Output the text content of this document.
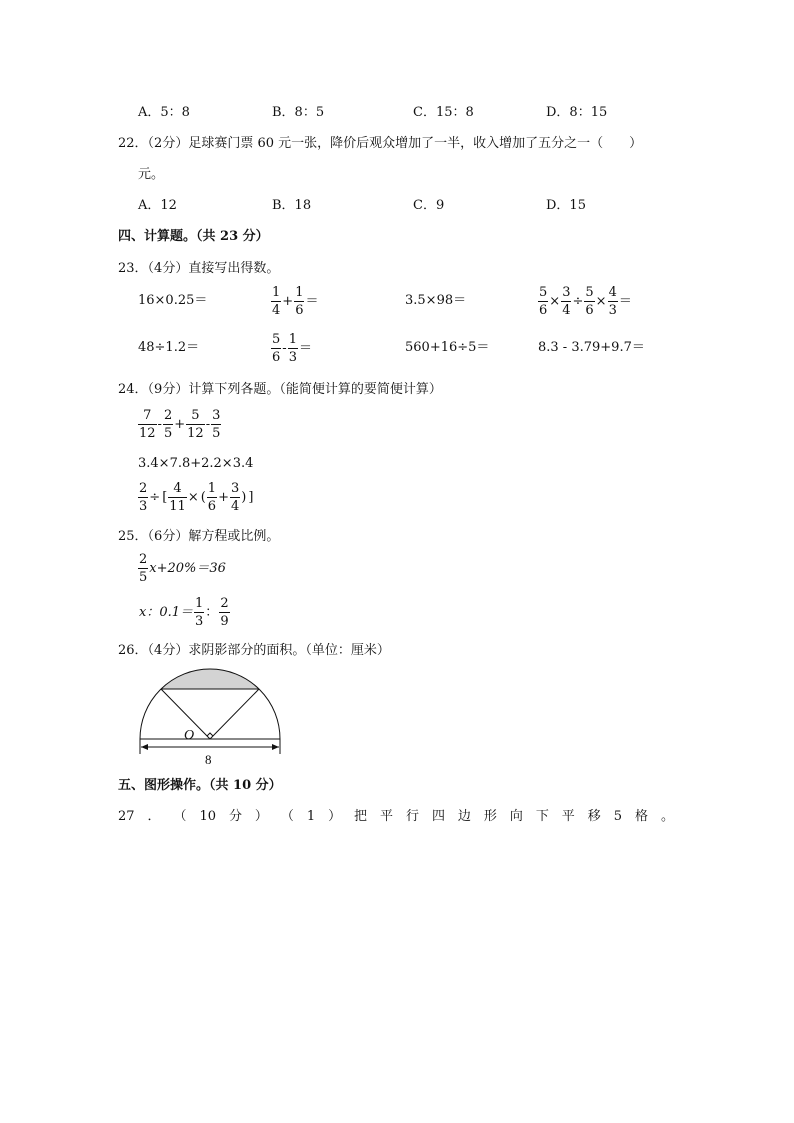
A．5：8	B．8：5	C．15：8	D．8：15
22．（2分）足球赛门票 60 元一张，降价后观众增加了一半，收入增加了五分之一（　　）
元。
A．12	B．18	C．9	D．15
四、计算题。（共 23 分）
23．（4分）直接写出得数。
16×0.25＝	$\frac{1}{4} + \frac{1}{6}$ ＝	3.5×98＝	$\frac{5}{6} \times \frac{3}{4} \div \frac{5}{6} \times \frac{4}{3}$ ＝
48÷1.2＝	$\frac{5}{6} - \frac{1}{3}$ ＝	560+16÷5＝	8.3 - 3.79+9.7＝
24．（9分）计算下列各题。（能简便计算的要简便计算）
$\frac{7}{12} - \frac{2}{5} + \frac{5}{12} - \frac{3}{5}$
3.4×7.8+2.2×3.4
$\frac{2}{3}$ ÷ [ $\frac{4}{11}$ × ( $\frac{1}{6} + \frac{3}{4}$ ) ]
25．（6分）解方程或比例。
$\frac{2}{5} x+20\%=36$
x：$0.1= \frac{1}{3}$ ： $\frac{2}{9}$
26．（4分）求阴影部分的面积。（单位：厘米）
O
8
五、图形操作。（共 10 分）
27 ． （ 10 分 ） （ 1 ） 把 平 行 四 边 形 向 下 平 移 5 格 。
